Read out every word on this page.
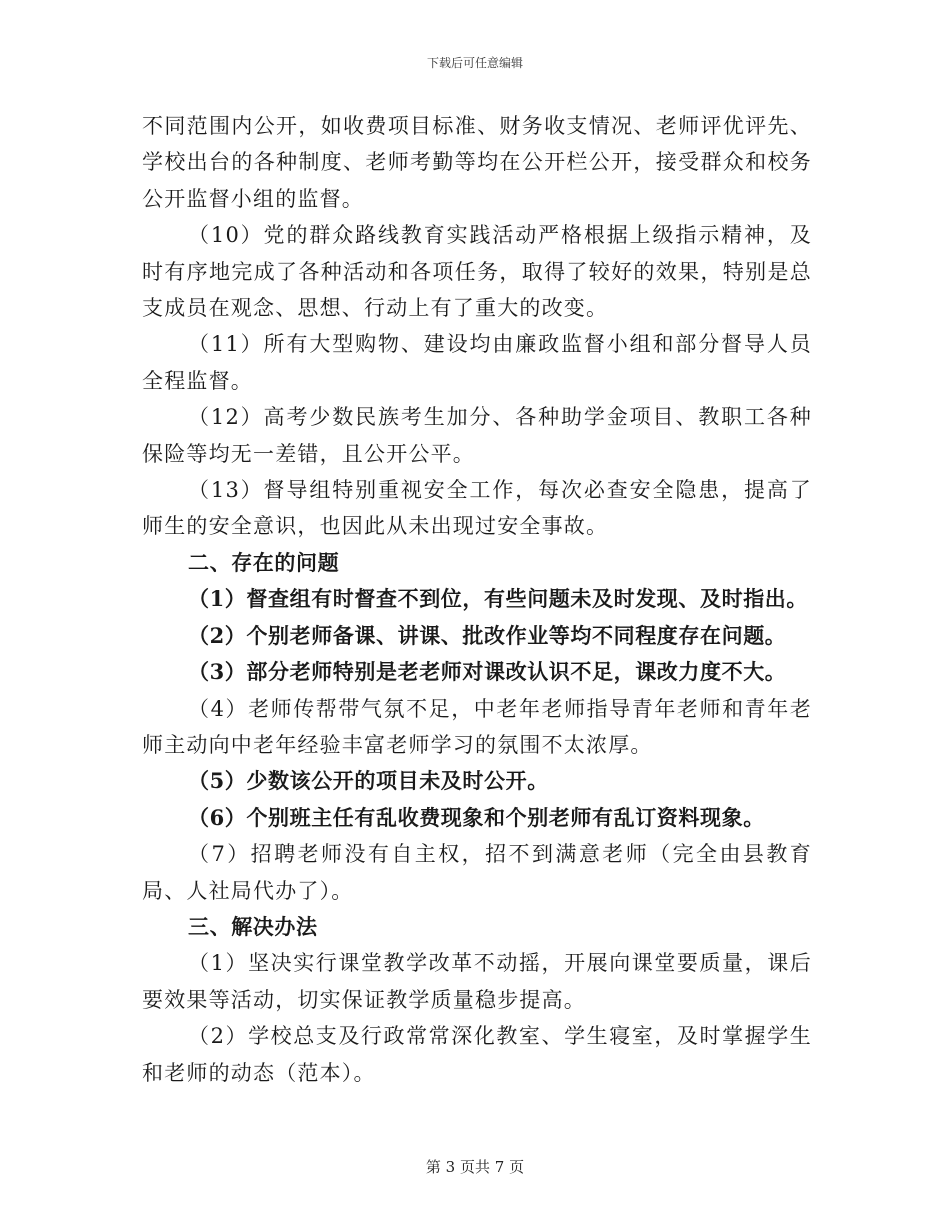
下载后可任意编辑

不同范围内公开，如收费项目标准、财务收支情况、老师评优评先、学校出台的各种制度、老师考勤等均在公开栏公开，接受群众和校务公开监督小组的监督。

（10）党的群众路线教育实践活动严格根据上级指示精神，及时有序地完成了各种活动和各项任务，取得了较好的效果，特别是总支成员在观念、思想、行动上有了重大的改变。

（11）所有大型购物、建设均由廉政监督小组和部分督导人员全程监督。

（12）高考少数民族考生加分、各种助学金项目、教职工各种保险等均无一差错，且公开公平。

（13）督导组特别重视安全工作，每次必查安全隐患，提高了师生的安全意识，也因此从未出现过安全事故。

二、存在的问题

（1）督查组有时督查不到位，有些问题未及时发现、及时指出。

（2）个别老师备课、讲课、批改作业等均不同程度存在问题。

（3）部分老师特别是老老师对课改认识不足，课改力度不大。

（4）老师传帮带气氛不足，中老年老师指导青年老师和青年老师主动向中老年经验丰富老师学习的氛围不太浓厚。

（5）少数该公开的项目未及时公开。

（6）个别班主任有乱收费现象和个别老师有乱订资料现象。

（7）招聘老师没有自主权，招不到满意老师（完全由县教育局、人社局代办了）。

三、解决办法

（1）坚决实行课堂教学改革不动摇，开展向课堂要质量，课后要效果等活动，切实保证教学质量稳步提高。

（2）学校总支及行政常常深化教室、学生寝室，及时掌握学生和老师的动态（范本）。

第 3 页共 7 页
